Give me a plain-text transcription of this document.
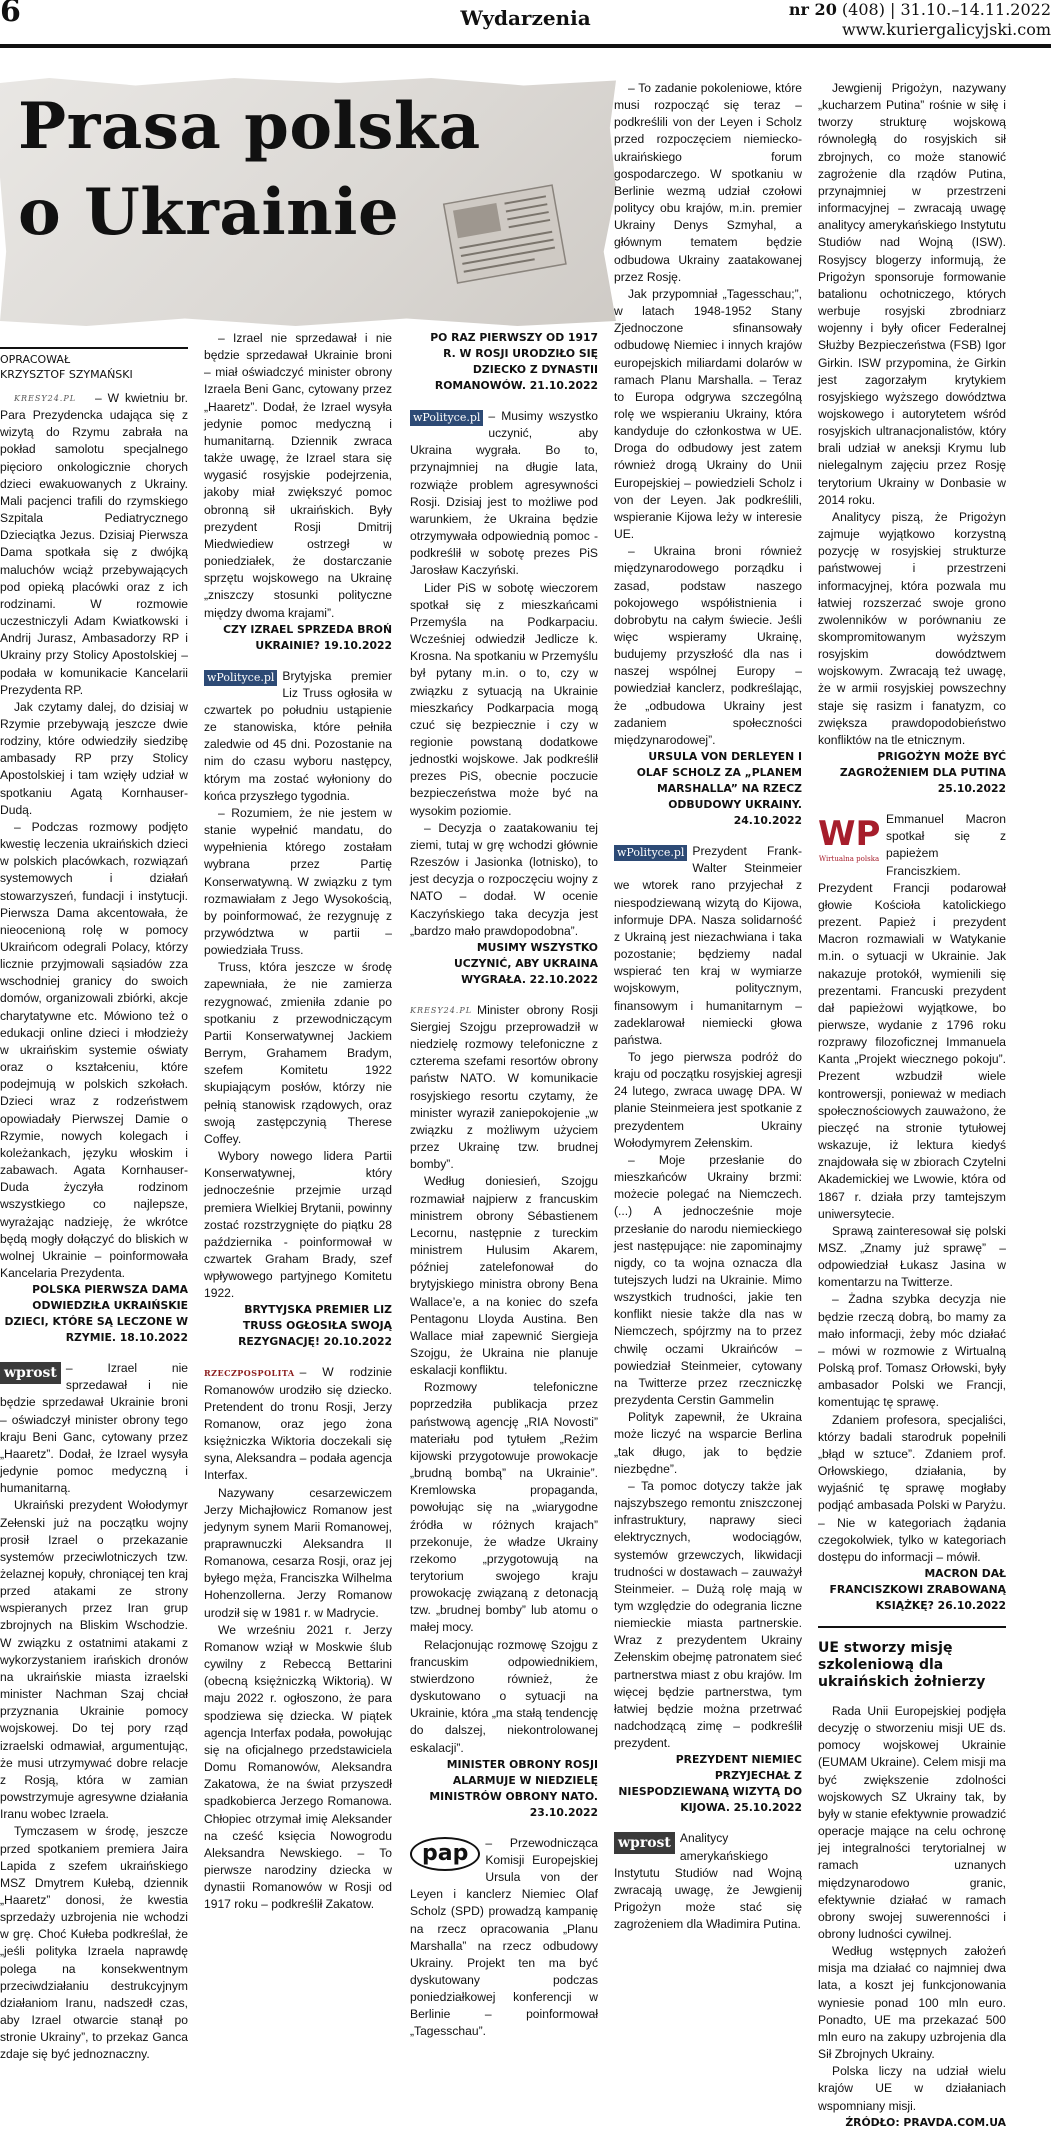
6	Wydarzenia	nr 20 (408) | 31.10.–14.11.2022
www.kuriergalicyjski.com
Prasa polska
o Ukrainie
OPRACOWAŁ
KRZYSZTOF SZYMAŃSKI

KRESY24.PL – W kwietniu br. Para Prezydencka udająca się z wizytą do Rzymu zabrała na pokład samolotu specjalnego pięcioro onkologicznie chorych dzieci ewakuowanych z Ukrainy. Mali pacjenci trafili do rzymskiego Szpitala Pediatrycznego Dzieciątka Jezus. Dzisiaj Pierwsza Dama spotkała się z dwójką maluchów wciąż przebywających pod opieką placówki oraz z ich rodzinami. W rozmowie uczestniczyli Adam Kwiatkowski i Andrij Jurasz, Ambasadorzy RP i Ukrainy przy Stolicy Apostolskiej – podała w komunikacie Kancelarii Prezydenta RP.

Jak czytamy dalej, do dzisiaj w Rzymie przebywają jeszcze dwie rodziny, które odwiedziły siedzibę ambasady RP przy Stolicy Apostolskiej i tam wzięły udział w spotkaniu Agatą Kornhauser-Dudą.

– Podczas rozmowy podjęto kwestię leczenia ukraińskich dzieci w polskich placówkach, rozwiązań systemowych i działań stowarzyszeń, fundacji i instytucji. Pierwsza Dama akcentowała, że nieocenioną rolę w pomocy Ukraińcom odegrali Polacy, którzy licznie przyjmowali sąsiadów zza wschodniej granicy do swoich domów, organizowali zbiórki, akcje charytatywne etc. Mówiono też o edukacji online dzieci i młodzieży w ukraińskim systemie oświaty oraz o kształceniu, które podejmują w polskich szkołach. Dzieci wraz z rodzeństwem opowiadały Pierwszej Damie o Rzymie, nowych kolegach i koleżankach, języku włoskim i zabawach. Agata Kornhauser-Duda życzyła rodzinom wszystkiego co najlepsze, wyrażając nadzieję, że wkrótce będą mogły dołączyć do bliskich w wolnej Ukrainie – poinformowała Kancelaria Prezydenta.

POLSKA PIERWSZA DAMA ODWIEDZIŁA UKRAIŃSKIE DZIECI, KTÓRE SĄ LECZONE W RZYMIE. 18.10.2022

wprost – Izrael nie sprzedawał i nie będzie sprzedawał Ukrainie broni – oświadczył minister obrony tego kraju Beni Ganc, cytowany przez „Haaretz”. Dodał, że Izrael wysyła jedynie pomoc medyczną i humanitarną.

Ukraiński prezydent Wołodymyr Zełenski już na początku wojny prosił Izrael o przekazanie systemów przeciwlotniczych tzw. żelaznej kopuły, chroniącej ten kraj przed atakami ze strony wspieranych przez Iran grup zbrojnych na Bliskim Wschodzie. W związku z ostatnimi atakami z wykorzystaniem irańskich dronów na ukraińskie miasta izraelski minister Nachman Szaj chciał przyznania Ukrainie pomocy wojskowej. Do tej pory rząd izraelski odmawiał, argumentując, że musi utrzymywać dobre relacje z Rosją, która w zamian powstrzymuje agresywne działania Iranu wobec Izraela.

Tymczasem w środę, jeszcze przed spotkaniem premiera Jaira Lapida z szefem ukraińskiego MSZ Dmytrem Kułebą, dziennik „Haaretz” donosi, że kwestia sprzedaży uzbrojenia nie wchodzi w grę. Choć Kułeba podkreślał, że „jeśli polityka Izraela naprawdę polega na konsekwentnym przeciwdziałaniu destrukcyjnym działaniom Iranu, nadszedł czas, aby Izrael otwarcie stanął po stronie Ukrainy”, to przekaz Ganca zdaje się być jednoznaczny.

– Izrael nie sprzedawał i nie będzie sprzedawał Ukrainie broni – miał oświadczyć minister obrony Izraela Beni Ganc, cytowany przez „Haaretz”. Dodał, że Izrael wysyła jedynie pomoc medyczną i humanitarną. Dziennik zwraca także uwagę, że Izrael stara się wygasić rosyjskie podejrzenia, jakoby miał zwiększyć pomoc obronną sił ukraińskich. Były prezydent Rosji Dmitrij Miedwiediew ostrzegł w poniedziałek, że dostarczanie sprzętu wojskowego na Ukrainę „zniszczy stosunki polityczne między dwoma krajami”.

CZY IZRAEL SPRZEDA BROŃ UKRAINIE? 19.10.2022

wPolityce.pl Brytyjska premier Liz Truss ogłosiła w czwartek po południu ustąpienie ze stanowiska, które pełniła zaledwie od 45 dni. Pozostanie na nim do czasu wyboru następcy, którym ma zostać wyłoniony do końca przyszłego tygodnia.

– Rozumiem, że nie jestem w stanie wypełnić mandatu, do wypełnienia którego zostałam wybrana przez Partię Konserwatywną. W związku z tym rozmawiałam z Jego Wysokością, by poinformować, że rezygnuję z przywództwa w partii – powiedziała Truss.

Truss, która jeszcze w środę zapewniała, że nie zamierza rezygnować, zmieniła zdanie po spotkaniu z przewodniczącym Partii Konserwatywnej Jackiem Berrym, Grahamem Bradym, szefem Komitetu 1922 skupiającym posłów, którzy nie pełnią stanowisk rządowych, oraz swoją zastępczynią Therese Coffey.

Wybory nowego lidera Partii Konserwatywnej, który jednocześnie przejmie urząd premiera Wielkiej Brytanii, powinny zostać rozstrzygnięte do piątku 28 października - poinformował w czwartek Graham Brady, szef wpływowego partyjnego Komitetu 1922.

BRYTYJSKA PREMIER LIZ TRUSS OGŁOSIŁA SWOJĄ REZYGNACJĘ! 20.10.2022

RZECZPOSPOLITA – W rodzinie Romanowów urodziło się dziecko. Pretendent do tronu Rosji, Jerzy Romanow, oraz jego żona księżniczka Wiktoria doczekali się syna, Aleksandra – podała agencja Interfax.

Nazywany cesarzewiczem Jerzy Michajłowicz Romanow jest jedynym synem Marii Romanowej, praprawnuczki Aleksandra II Romanowa, cesarza Rosji, oraz jej byłego męża, Franciszka Wilhelma Hohenzollerna. Jerzy Romanow urodził się w 1981 r. w Madrycie.

We wrześniu 2021 r. Jerzy Romanow wziął w Moskwie ślub cywilny z Rebeccą Bettarini (obecną księżniczką Wiktorią). W maju 2022 r. ogłoszono, że para spodziewa się dziecka. W piątek agencja Interfax podała, powołując się na oficjalnego przedstawiciela Domu Romanowów, Aleksandra Zakatowa, że na świat przyszedł spadkobierca Jerzego Romanowa. Chłopiec otrzymał imię Aleksander na cześć księcia Nowogrodu Aleksandra Newskiego. – To pierwsze narodziny dziecka w dynastii Romanowów w Rosji od 1917 roku – podkreślił Zakatow.

PO RAZ PIERWSZY OD 1917 R. W ROSJI URODZIŁO SIĘ DZIECKO Z DYNASTII ROMANOWÓW. 21.10.2022

wPolityce.pl – Musimy wszystko uczynić, aby Ukraina wygrała. Bo to, przynajmniej na długie lata, rozwiąże problem agresywności Rosji. Dzisiaj jest to możliwe pod warunkiem, że Ukraina będzie otrzymywała odpowiednią pomoc - podkreślił w sobotę prezes PiS Jarosław Kaczyński.

Lider PiS w sobotę wieczorem spotkał się z mieszkańcami Przemyśla na Podkarpaciu. Wcześniej odwiedził Jedlicze k. Krosna. Na spotkaniu w Przemyślu był pytany m.in. o to, czy w związku z sytuacją na Ukrainie mieszkańcy Podkarpacia mogą czuć się bezpiecznie i czy w regionie powstaną dodatkowe jednostki wojskowe. Jak podkreślił prezes PiS, obecnie poczucie bezpieczeństwa może być na wysokim poziomie.

– Decyzja o zaatakowaniu tej ziemi, tutaj w grę wchodzi głównie Rzeszów i Jasionka (lotnisko), to jest decyzja o rozpoczęciu wojny z NATO – dodał. W ocenie Kaczyńskiego taka decyzja jest „bardzo mało prawdopodobna”.

MUSIMY WSZYSTKO UCZYNIĆ, ABY UKRAINA WYGRAŁA. 22.10.2022

KRESY24.PL Minister obrony Rosji Siergiej Szojgu przeprowadził w niedzielę rozmowy telefoniczne z czterema szefami resortów obrony państw NATO. W komunikacie rosyjskiego resortu czytamy, że minister wyraził zaniepokojenie „w związku z możliwym użyciem przez Ukrainę tzw. brudnej bomby”.

Według doniesień, Szojgu rozmawiał najpierw z francuskim ministrem obrony Sébastienem Lecornu, następnie z tureckim ministrem Hulusim Akarem, później zatelefonował do brytyjskiego ministra obrony Bena Wallace’e, a na koniec do szefa Pentagonu Lloyda Austina. Ben Wallace miał zapewnić Siergieja Szojgu, że Ukraina nie planuje eskalacji konfliktu.

Rozmowy telefoniczne poprzedziła publikacja przez państwową agencję „RIA Novosti” materiału pod tytułem „Reżim kijowski przygotowuje prowokacje „brudną bombą” na Ukrainie”. Kremlowska propaganda, powołując się na „wiarygodne źródła w różnych krajach” przekonuje, że władze Ukrainy rzekomo „przygotowują na terytorium swojego kraju prowokację związaną z detonacją tzw. „brudnej bomby” lub atomu o małej mocy.

Relacjonując rozmowę Szojgu z francuskim odpowiednikiem, stwierdzono również, że dyskutowano o sytuacji na Ukrainie, która „ma stałą tendencję do dalszej, niekontrolowanej eskalacji”.

MINISTER OBRONY ROSJI ALARMUJE W NIEDZIELĘ MINISTRÓW OBRONY NATO. 23.10.2022

pap	– Przewodnicząca Komisji Europejskiej Ursula von der Leyen i kanclerz Niemiec Olaf Scholz (SPD) prowadzą kampanię na rzecz opracowania „Planu Marshalla” na rzecz odbudowy Ukrainy. Projekt ten ma być dyskutowany podczas poniedziałkowej konferencji w Berlinie – poinformował „Tagesschau”.

– To zadanie pokoleniowe, które musi rozpocząć się teraz – podkreślili von der Leyen i Scholz przed rozpoczęciem niemiecko-ukraińskiego forum gospodarczego. W spotkaniu w Berlinie wezmą udział czołowi politycy obu krajów, m.in. premier Ukrainy Denys Szmyhal, a głównym tematem będzie odbudowa Ukrainy zaatakowanej przez Rosję.

Jak przypomniał „Tagesschau;”, w latach 1948-1952 Stany Zjednoczone sfinansowały odbudowę Niemiec i innych krajów europejskich miliardami dolarów w ramach Planu Marshalla. – Teraz to Europa odgrywa szczególną rolę we wspieraniu Ukrainy, która kandyduje do członkostwa w UE. Droga do odbudowy jest zatem również drogą Ukrainy do Unii Europejskiej – powiedzieli Scholz i von der Leyen. Jak podkreślili, wspieranie Kijowa leży w interesie UE.

– Ukraina broni również międzynarodowego porządku i zasad, podstaw naszego pokojowego współistnienia i dobrobytu na całym świecie. Jeśli więc wspieramy Ukrainę, budujemy przyszłość dla nas i naszej wspólnej Europy – powiedział kanclerz, podkreślając, że „odbudowa Ukrainy jest zadaniem społeczności międzynarodowej”.

URSULA VON DERLEYEN I OLAF SCHOLZ ZA „PLANEM MARSHALLA” NA RZECZ ODBUDOWY UKRAINY. 24.10.2022

wPolityce.pl Prezydent Frank-Walter Steinmeier we wtorek rano przyjechał z niespodziewaną wizytą do Kijowa, informuje DPA. Nasza solidarność z Ukrainą jest niezachwiana i taka pozostanie; będziemy nadal wspierać ten kraj w wymiarze wojskowym, politycznym, finansowym i humanitarnym – zadeklarował niemiecki głowa państwa.

To jego pierwsza podróż do kraju od początku rosyjskiej agresji 24 lutego, zwraca uwagę DPA. W planie Steinmeiera jest spotkanie z prezydentem Ukrainy Wołodymyrem Zełenskim.

– Moje przesłanie do mieszkańców Ukrainy brzmi: możecie polegać na Niemczech. (...) A jednocześnie moje przesłanie do narodu niemieckiego jest następujące: nie zapominajmy nigdy, co ta wojna oznacza dla tutejszych ludzi na Ukrainie. Mimo wszystkich trudności, jakie ten konflikt niesie także dla nas w Niemczech, spójrzmy na to przez chwilę oczami Ukraińców – powiedział Steinmeier, cytowany na Twitterze przez rzeczniczkę prezydenta Cerstin Gammelin

Polityk zapewnił, że Ukraina może liczyć na wsparcie Berlina „tak długo, jak to będzie niezbędne”.

– Ta pomoc dotyczy także jak najszybszego remontu zniszczonej infrastruktury, naprawy sieci elektrycznych, wodociągów, systemów grzewczych, likwidacji trudności w dostawach – zauważył Steinmeier. – Dużą rolę mają w tym względzie do odegrania liczne niemieckie miasta partnerskie. Wraz z prezydentem Ukrainy Zełenskim obejmę patronatem sieć partnerstwa miast z obu krajów. Im więcej będzie partnerstwa, tym łatwiej będzie można przetrwać nadchodzącą zimę – podkreślił prezydent.

PREZYDENT NIEMIEC PRZYJECHAŁ Z NIESPODZIEWANĄ WIZYTĄ DO KIJOWA. 25.10.2022

wprost Analitycy amerykańskiego Instytutu Studiów nad Wojną zwracają uwagę, że Jewgienij Prigożyn może stać się zagrożeniem dla Władimira Putina.

Jewgienij Prigożyn, nazywany „kucharzem Putina” rośnie w siłę i tworzy strukturę wojskową równoległą do rosyjskich sił zbrojnych, co może stanowić zagrożenie dla rządów Putina, przynajmniej w przestrzeni informacyjnej – zwracają uwagę analitycy amerykańskiego Instytutu Studiów nad Wojną (ISW). Rosyjscy blogerzy informują, że Prigożyn sponsoruje formowanie batalionu ochotniczego, których werbuje rosyjski zbrodniarz wojenny i były oficer Federalnej Służby Bezpieczeństwa (FSB) Igor Girkin. ISW przypomina, że Girkin jest zagorzałym krytykiem rosyjskiego wyższego dowództwa wojskowego i autorytetem wśród rosyjskich ultranacjonalistów, który brali udział w aneksji Krymu lub nielegalnym zajęciu przez Rosję terytorium Ukrainy w Donbasie w 2014 roku.

Analitycy piszą, że Prigożyn zajmuje wyjątkowo korzystną pozycję w rosyjskiej strukturze państwowej i przestrzeni informacyjnej, która pozwala mu łatwiej rozszerzać swoje grono zwolenników w porównaniu ze skompromitowanym wyższym rosyjskim dowództwem wojskowym. Zwracają też uwagę, że w armii rosyjskiej powszechny staje się rasizm i fanatyzm, co zwiększa prawdopodobieństwo konfliktów na tle etnicznym.

PRIGOŻYN MOŻE BYĆ ZAGROŻENIEM DLA PUTINA 25.10.2022

WP
Wirtualna polska
Emmanuel Macron spotkał się z papieżem Franciszkiem. Prezydent Francji podarował głowie Kościoła katolickiego prezent. Papież i prezydent Macron rozmawiali w Watykanie m.in. o sytuacji w Ukrainie. Jak nakazuje protokół, wymienili się prezentami. Francuski prezydent dał papieżowi wyjątkowe, bo pierwsze, wydanie z 1796 roku rozprawy filozoficznej Immanuela Kanta „Projekt wiecznego pokoju”. Prezent wzbudził wiele kontrowersji, ponieważ w mediach społecznościowych zauważono, że pieczęć na stronie tytułowej wskazuje, iż lektura kiedyś znajdowała się w zbiorach Czytelni Akademickiej we Lwowie, która od 1867 r. działa przy tamtejszym uniwersytecie.

Sprawą zainteresował się polski MSZ. „Znamy już sprawę” – odpowiedział Łukasz Jasina w komentarzu na Twitterze.

– Żadna szybka decyzja nie będzie rzeczą dobrą, bo mamy za mało informacji, żeby móc działać – mówi w rozmowie z Wirtualną Polską prof. Tomasz Orłowski, były ambasador Polski we Francji, komentując tę sprawę.

Zdaniem profesora, specjaliści, którzy badali starodruk popełnili „błąd w sztuce”. Zdaniem prof. Orłowskiego, działania, by wyjaśnić tę sprawę mogłaby podjąć ambasada Polski w Paryżu. – Nie w kategoriach żądania czegokolwiek, tylko w kategoriach dostępu do informacji – mówił.

MACRON DAŁ FRANCISZKOWI ZRABOWANĄ KSIĄŻKĘ? 26.10.2022

UE stworzy misję szkoleniową dla ukraińskich żołnierzy

Rada Unii Europejskiej podjęła decyzję o stworzeniu misji UE ds. pomocy wojskowej Ukrainie (EUMAM Ukraine). Celem misji ma być zwiększenie zdolności wojskowych SZ Ukrainy tak, by były w stanie efektywnie prowadzić operacje mające na celu ochronę jej integralności terytorialnej w ramach uznanych międzynarodowo granic, efektywnie działać w ramach obrony swojej suwerenności i obrony ludności cywilnej.

Według wstępnych założeń misja ma działać co najmniej dwa lata, a koszt jej funkcjonowania wyniesie ponad 100 mln euro. Ponadto, UE ma przekazać 500 mln euro na zakupy uzbrojenia dla Sił Zbrojnych Ukrainy.

Polska liczy na udział wielu krajów UE w działaniach wspomniany misji.

ŹRÓDŁO: PRAVDA.COM.UA
